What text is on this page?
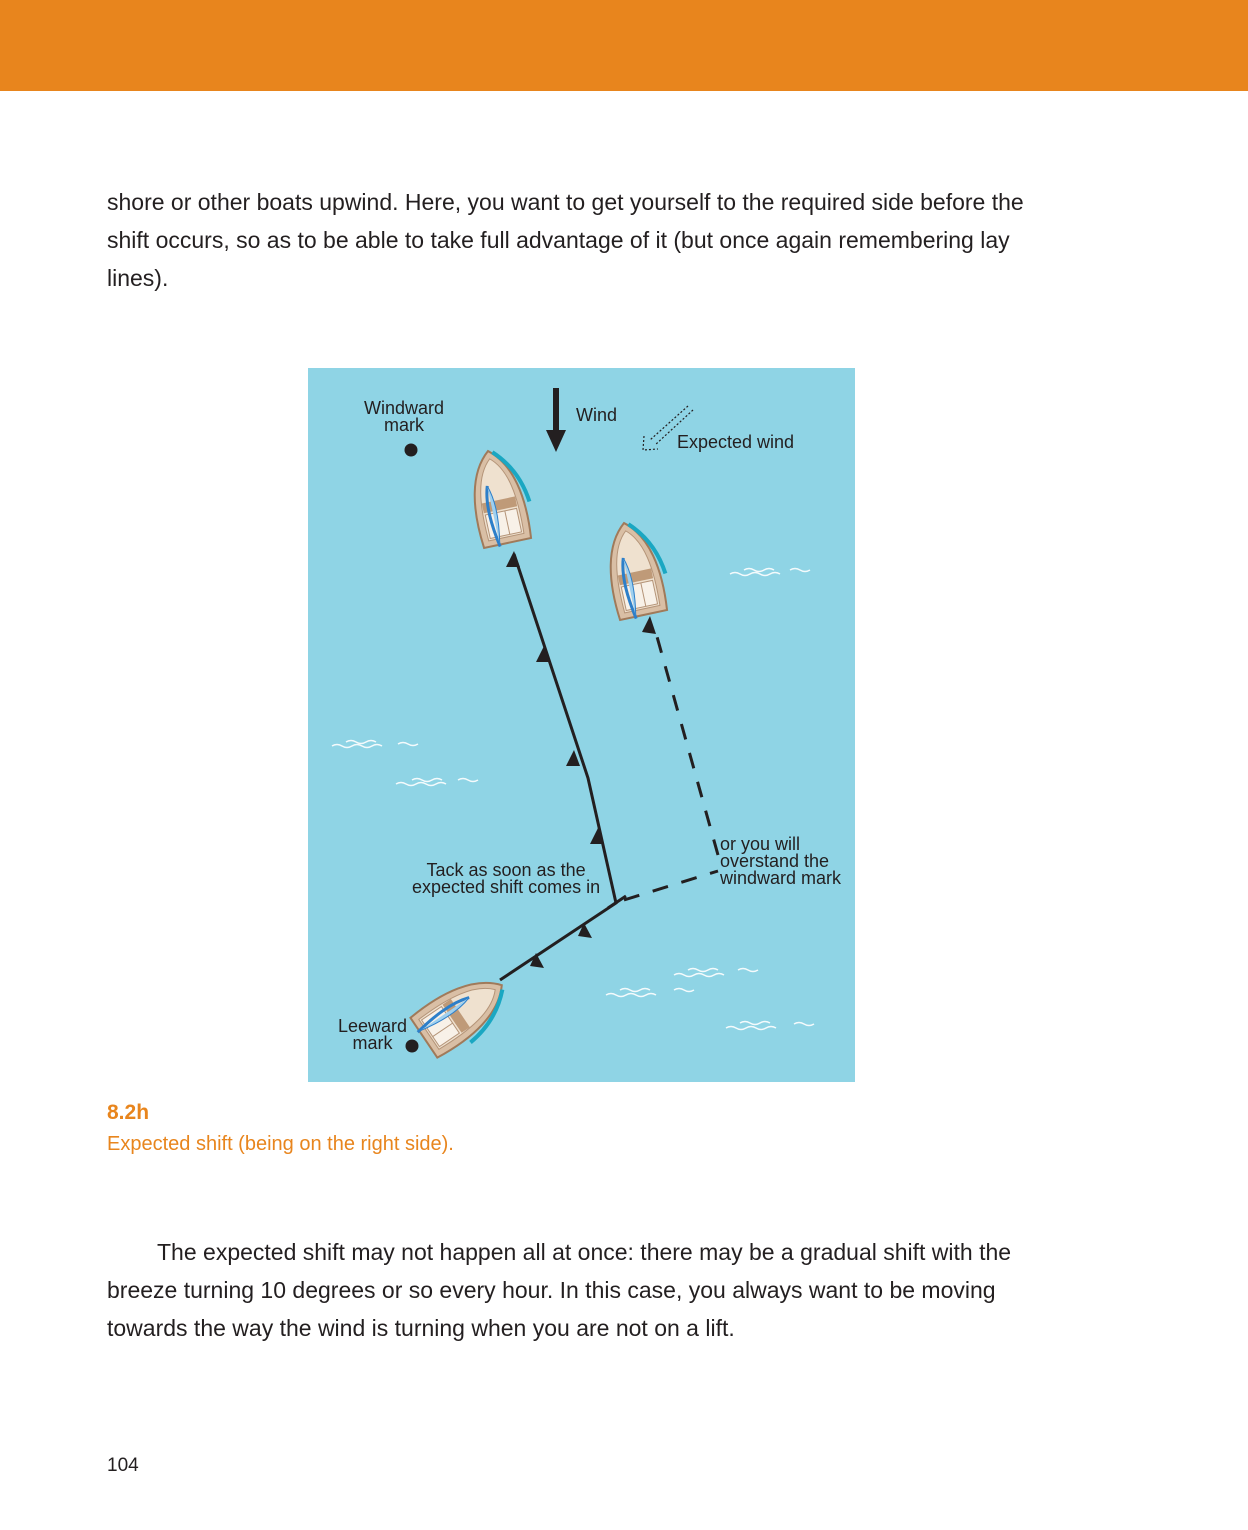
shore or other boats upwind. Here, you want to get yourself to the required side before the shift occurs, so as to be able to take full advantage of it (but once again remembering lay lines).

Windward
mark	Wind
Expected wind
Tack as soon as the
expected shift comes in
or you will
overstand the
windward mark
Leeward
mark
8.2h
Expected shift (being on the right side).

The expected shift may not happen all at once: there may be a gradual shift with the breeze turning 10 degrees or so every hour. In this case, you always want to be moving towards the way the wind is turning when you are not on a lift.

104
